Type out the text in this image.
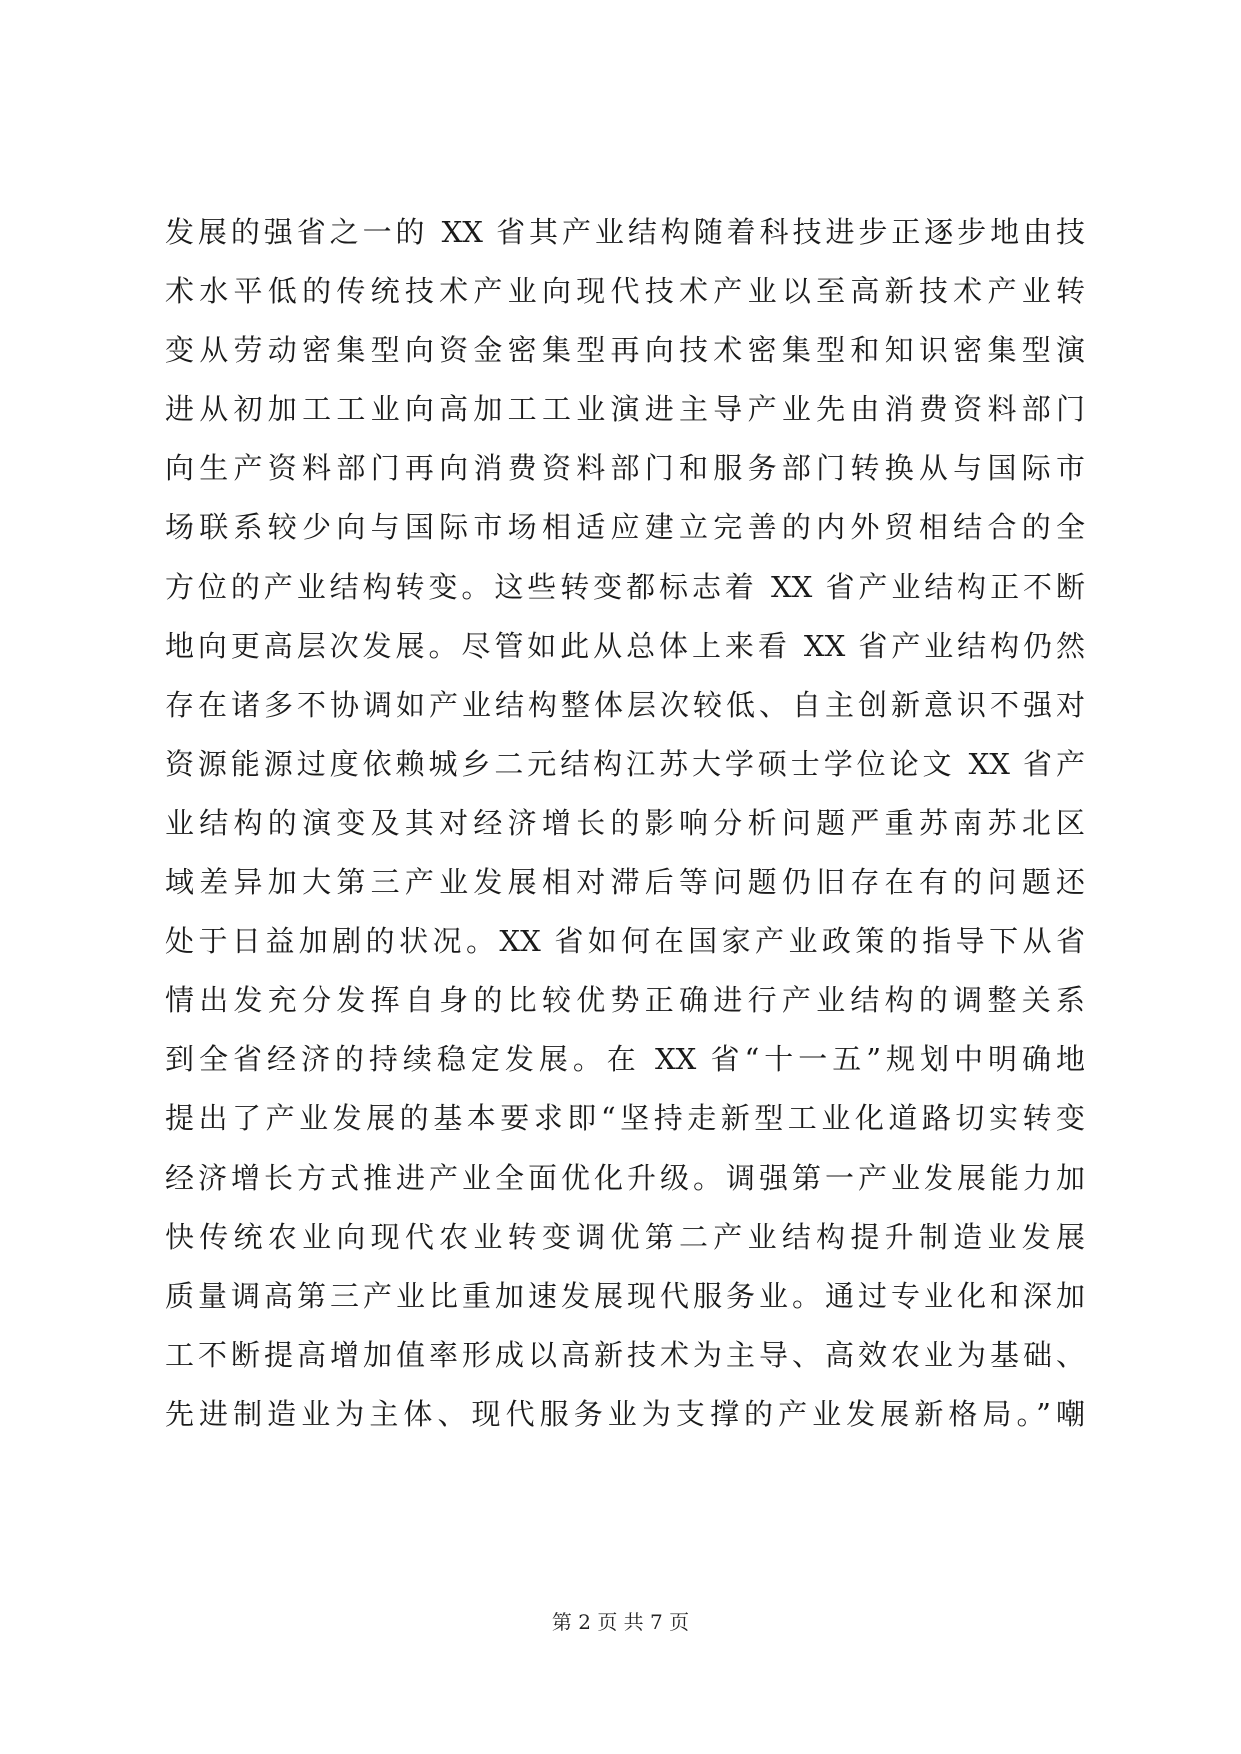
发展的强省之一的 XX 省其产业结构随着科技进步正逐步地由技
术水平低的传统技术产业向现代技术产业以至高新技术产业转
变从劳动密集型向资金密集型再向技术密集型和知识密集型演
进从初加工工业向高加工工业演进主导产业先由消费资料部门
向生产资料部门再向消费资料部门和服务部门转换从与国际市
场联系较少向与国际市场相适应建立完善的内外贸相结合的全
方位的产业结构转变。这些转变都标志着 XX 省产业结构正不断
地向更高层次发展。尽管如此从总体上来看 XX 省产业结构仍然
存在诸多不协调如产业结构整体层次较低、自主创新意识不强对
资源能源过度依赖城乡二元结构江苏大学硕士学位论文 XX 省产
业结构的演变及其对经济增长的影响分析问题严重苏南苏北区
域差异加大第三产业发展相对滞后等问题仍旧存在有的问题还
处于日益加剧的状况。XX 省如何在国家产业政策的指导下从省
情出发充分发挥自身的比较优势正确进行产业结构的调整关系
到全省经济的持续稳定发展。在 XX 省“十一五”规划中明确地
提出了产业发展的基本要求即“坚持走新型工业化道路切实转变
经济增长方式推进产业全面优化升级。调强第一产业发展能力加
快传统农业向现代农业转变调优第二产业结构提升制造业发展
质量调高第三产业比重加速发展现代服务业。通过专业化和深加
工不断提高增加值率形成以高新技术为主导、高效农业为基础、
先进制造业为主体、现代服务业为支撑的产业发展新格局。”嘲
第 2 页 共 7 页
